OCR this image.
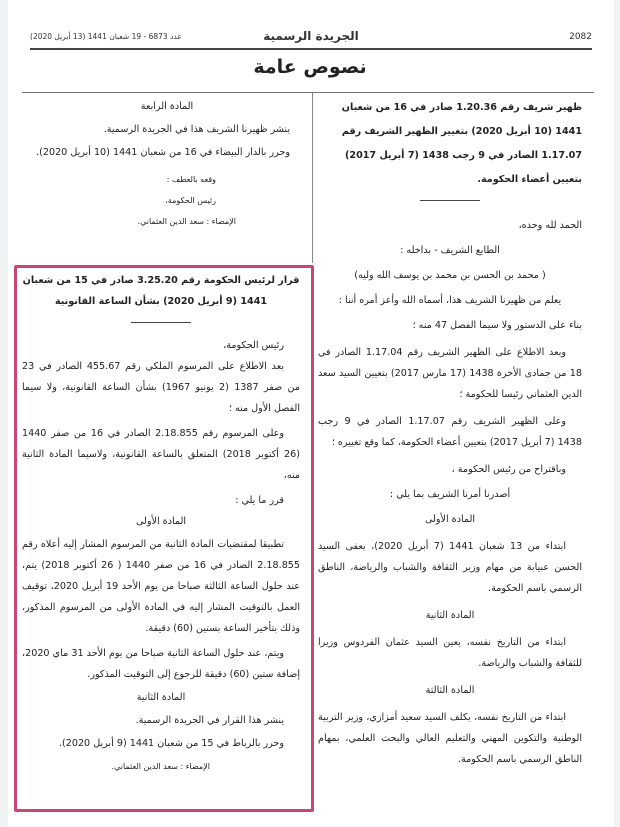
عدد 6873 - 19 شعبان 1441 (13 أبريل 2020)	الجريدة الرسمية	2082
نصوص عامة

ظهير شريف رقم 1.20.36 صادر في 16 من شعبان 1441 (10 أبريل 2020) بتغيير الظهير الشريف رقم 1.17.07 الصادر في 9 رجب 1438 (7 أبريل 2017) بتعيين أعضاء الحكومة.

الحمد لله وحده،

الطابع الشريف - بداخله :

( محمد بن الحسن بن محمد بن يوسف الله وليه)

يعلم من ظهيرنا الشريف هذا، أسماه الله وأعز أمره أننا :

بناء على الدستور ولا سيما الفصل 47 منه ؛

وبعد الاطلاع على الظهير الشريف رقم 1.17.04 الصادر في 18 من جمادى الأخرة 1438 (17 مارس 2017) بتعيين السيد سعد الدين العثماني رئيسا للحكومة ؛

وعلى الظهير الشريف رقم 1.17.07 الصادر في 9 رجب 1438 (7 أبريل 2017) بتعيين أعضاء الحكومة، كما وقع تغييره ؛

وباقتراح من رئيس الحكومة ،

أصدرنا أمرنا الشريف بما يلي :

المادة الأولى

ابتداء من 13 شعبان 1441 (7 أبريل 2020)، يعفى السيد الحسن عبيابة من مهام وزير الثقافة والشباب والرياضة، الناطق الرسمي باسم الحكومة.

المادة الثانية

ابتداء من التاريخ نفسه، يعين السيد عثمان الفردوس وزيرا للثقافة والشباب والرياضة.

المادة الثالثة

ابتداء من التاريخ نفسه، يكلف السيد سعيد أمزازي، وزير التربية الوطنية والتكوين المهني والتعليم العالي والبحث العلمي، بمهام الناطق الرسمي باسم الحكومة.

المادة الرابعة

ينشر ظهيرنا الشريف هذا في الجريدة الرسمية.

وحرر بالدار البيضاء في 16 من شعبان 1441 (10 أبريل 2020).

وقعه بالعطف :

رئيس الحكومة،

الإمضاء : سعد الدين العثماني.

قرار لرئيس الحكومة رقم 3.25.20 صادر في 15 من شعبان 1441 (9 أبريل 2020) بشأن الساعة القانونية

رئيس الحكومة،

بعد الاطلاع على المرسوم الملكي رقم 455.67 الصادر في 23 من صفر 1387 (2 يونيو 1967) بشأن الساعة القانونية، ولا سيما الفصل الأول منه ؛

وعلى المرسوم رقم 2.18.855 الصادر في 16 من صفر 1440 (26 أكتوبر 2018) المتعلق بالساعة القانونية، ولاسيما المادة الثانية منه،

قرر ما يلي :

المادة الأولى

تطبيقا لمقتضيات المادة الثانية من المرسوم المشار إليه أعلاه رقم 2.18.855 الصادر في 16 من صفر 1440 ( 26 أكتوبر 2018) يتم، عند حلول الساعة الثالثة صباحا من يوم الأحد 19 أبريل 2020، توقيف العمل بالتوقيت المشار إليه في المادة الأولى من المرسوم المذكور، وذلك بتأخير الساعة بستين (60) دقيقة.

ويتم، عند حلول الساعة الثانية صباحا من يوم الأحد 31 ماي 2020، إضافة ستين (60) دقيقة للرجوع إلى التوقيت المذكور.

المادة الثانية

ينشر هذا القرار في الجريدة الرسمية.

وحرر بالرباط في 15 من شعبان 1441 (9 أبريل 2020).

الإمضاء : سعد الدين العثماني.
